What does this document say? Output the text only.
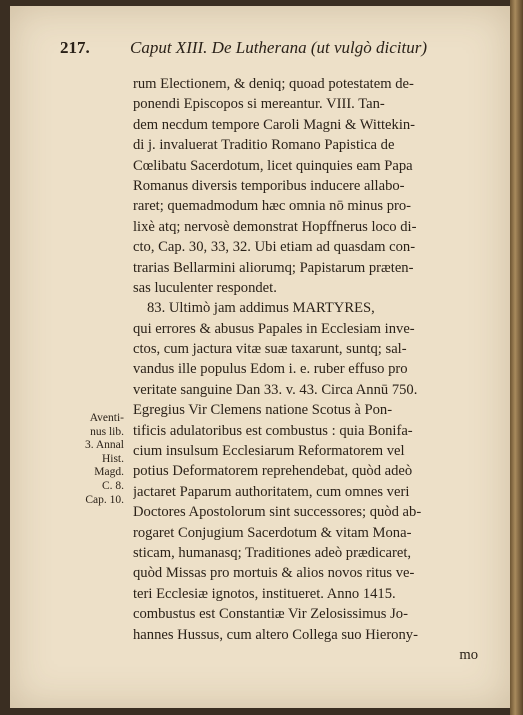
217. Caput XIII. De Lutherana (ut vulgò dicitur)
rum Electionem, & deniq; quoad potestatem de-
ponendi Episcopos si mereantur. VIII. Tan-
dem necdum tempore Caroli Magni & Wittekin-
di j. invaluerat Traditio Romano Papistica de
Cœlibatu Sacerdotum, licet quinquies eam Papa
Romanus diversis temporibus inducere allabo-
raret; quemadmodum hæc omnia nō minus pro-
lixè atq; nervosè demonstrat Hopffnerus loco di-
cto, Cap. 30, 33, 32. Ubi etiam ad quasdam con-
trarias Bellarmini aliorumq; Papistarum præten-
sas luculenter respondet.
83. Ultimò jam addimus MARTYRES,
qui errores & abusus Papales in Ecclesiam inve-
ctos, cum jactura vitæ suæ taxarunt, suntq; sal-
vandus ille populus Edom i. e. ruber effuso pro
veritate sanguine Dan 33. v. 43. Circa Annū 750.
Egregius Vir Clemens natione Scotus à Pon-
tificis adulatoribus est combustus : quia Bonifa-
cium insulsum Ecclesiarum Reformatorem vel
potius Deformatorem reprehendebat, quòd adeò
jactaret Paparum authoritatem, cum omnes veri
Doctores Apostolorum sint successores; quòd ab-
rogaret Conjugium Sacerdotum & vitam Mona-
sticam, humanasq; Traditiones adeò prædicaret,
quòd Missas pro mortuis & alios novos ritus ve-
teri Ecclesiæ ignotos, institueret. Anno 1415.
combustus est Constantiæ Vir Zelosissimus Jo-
hannes Hussus, cum altero Collega suo Hierony-
mo
Aventi-
nus lib.
3. Annal
Hist.
Magd.
C. 8.
Cap. 10.
